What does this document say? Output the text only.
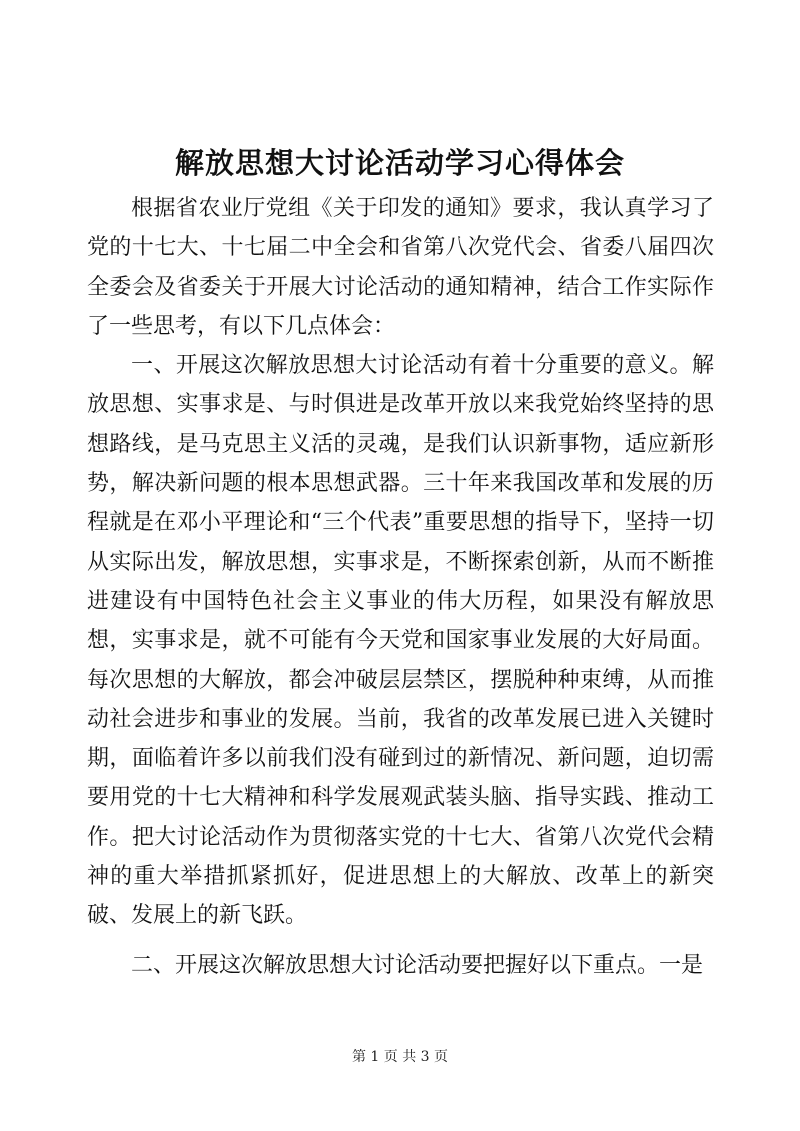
解放思想大讨论活动学习心得体会

根据省农业厅党组《关于印发的通知》要求，我认真学习了党的十七大、十七届二中全会和省第八次党代会、省委八届四次全委会及省委关于开展大讨论活动的通知精神，结合工作实际作了一些思考，有以下几点体会：

一、开展这次解放思想大讨论活动有着十分重要的意义。解放思想、实事求是、与时俱进是改革开放以来我党始终坚持的思想路线，是马克思主义活的灵魂，是我们认识新事物，适应新形势，解决新问题的根本思想武器。三十年来我国改革和发展的历程就是在邓小平理论和“三个代表”重要思想的指导下，坚持一切从实际出发，解放思想，实事求是，不断探索创新，从而不断推进建设有中国特色社会主义事业的伟大历程，如果没有解放思想，实事求是，就不可能有今天党和国家事业发展的大好局面。每次思想的大解放，都会冲破层层禁区，摆脱种种束缚，从而推动社会进步和事业的发展。当前，我省的改革发展已进入关键时期，面临着许多以前我们没有碰到过的新情况、新问题，迫切需要用党的十七大精神和科学发展观武装头脑、指导实践、推动工作。把大讨论活动作为贯彻落实党的十七大、省第八次党代会精神的重大举措抓紧抓好，促进思想上的大解放、改革上的新突破、发展上的新飞跃。

二、开展这次解放思想大讨论活动要把握好以下重点。一是

第 1 页 共 3 页
